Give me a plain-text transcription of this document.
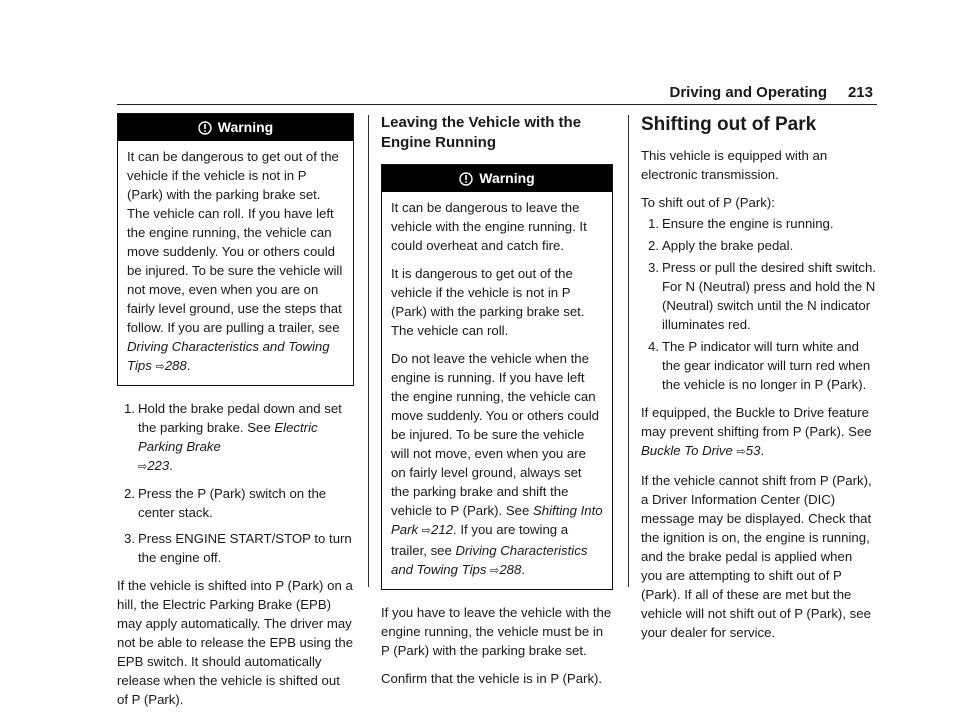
Driving and Operating 213
Warning

It can be dangerous to get out of the vehicle if the vehicle is not in P (Park) with the parking brake set. The vehicle can roll. If you have left the engine running, the vehicle can move suddenly. You or others could be injured. To be sure the vehicle will not move, even when you are on fairly level ground, use the steps that follow. If you are pulling a trailer, see Driving Characteristics and Towing Tips ⇨288.

1. Hold the brake pedal down and set the parking brake. See Electric Parking Brake
⇨223.
2. Press the P (Park) switch on the center stack.
3. Press ENGINE START/STOP to turn the engine off.

If the vehicle is shifted into P (Park) on a hill, the Electric Parking Brake (EPB) may apply automatically. The driver may not be able to release the EPB using the EPB switch. It should automatically release when the vehicle is shifted out of P (Park).

Leaving the Vehicle with the Engine Running
Warning

It can be dangerous to leave the vehicle with the engine running. It could overheat and catch fire.

It is dangerous to get out of the vehicle if the vehicle is not in P (Park) with the parking brake set. The vehicle can roll.

Do not leave the vehicle when the engine is running. If you have left the engine running, the vehicle can move suddenly. You or others could be injured. To be sure the vehicle will not move, even when you are on fairly level ground, always set the parking brake and shift the vehicle to P (Park). See Shifting Into Park ⇨212. If you are towing a trailer, see Driving Characteristics and Towing Tips ⇨288.

If you have to leave the vehicle with the engine running, the vehicle must be in P (Park) with the parking brake set.

Confirm that the vehicle is in P (Park).

Shifting out of Park

This vehicle is equipped with an electronic transmission.

To shift out of P (Park):

1. Ensure the engine is running.
2. Apply the brake pedal.
3. Press or pull the desired shift switch. For N (Neutral) press and hold the N (Neutral) switch until the N indicator illuminates red.
4. The P indicator will turn white and the gear indicator will turn red when the vehicle is no longer in P (Park).

If equipped, the Buckle to Drive feature may prevent shifting from P (Park). See Buckle To Drive ⇨53.

If the vehicle cannot shift from P (Park), a Driver Information Center (DIC) message may be displayed. Check that the ignition is on, the engine is running, and the brake pedal is applied when you are attempting to shift out of P (Park). If all of these are met but the vehicle will not shift out of P (Park), see your dealer for service.
